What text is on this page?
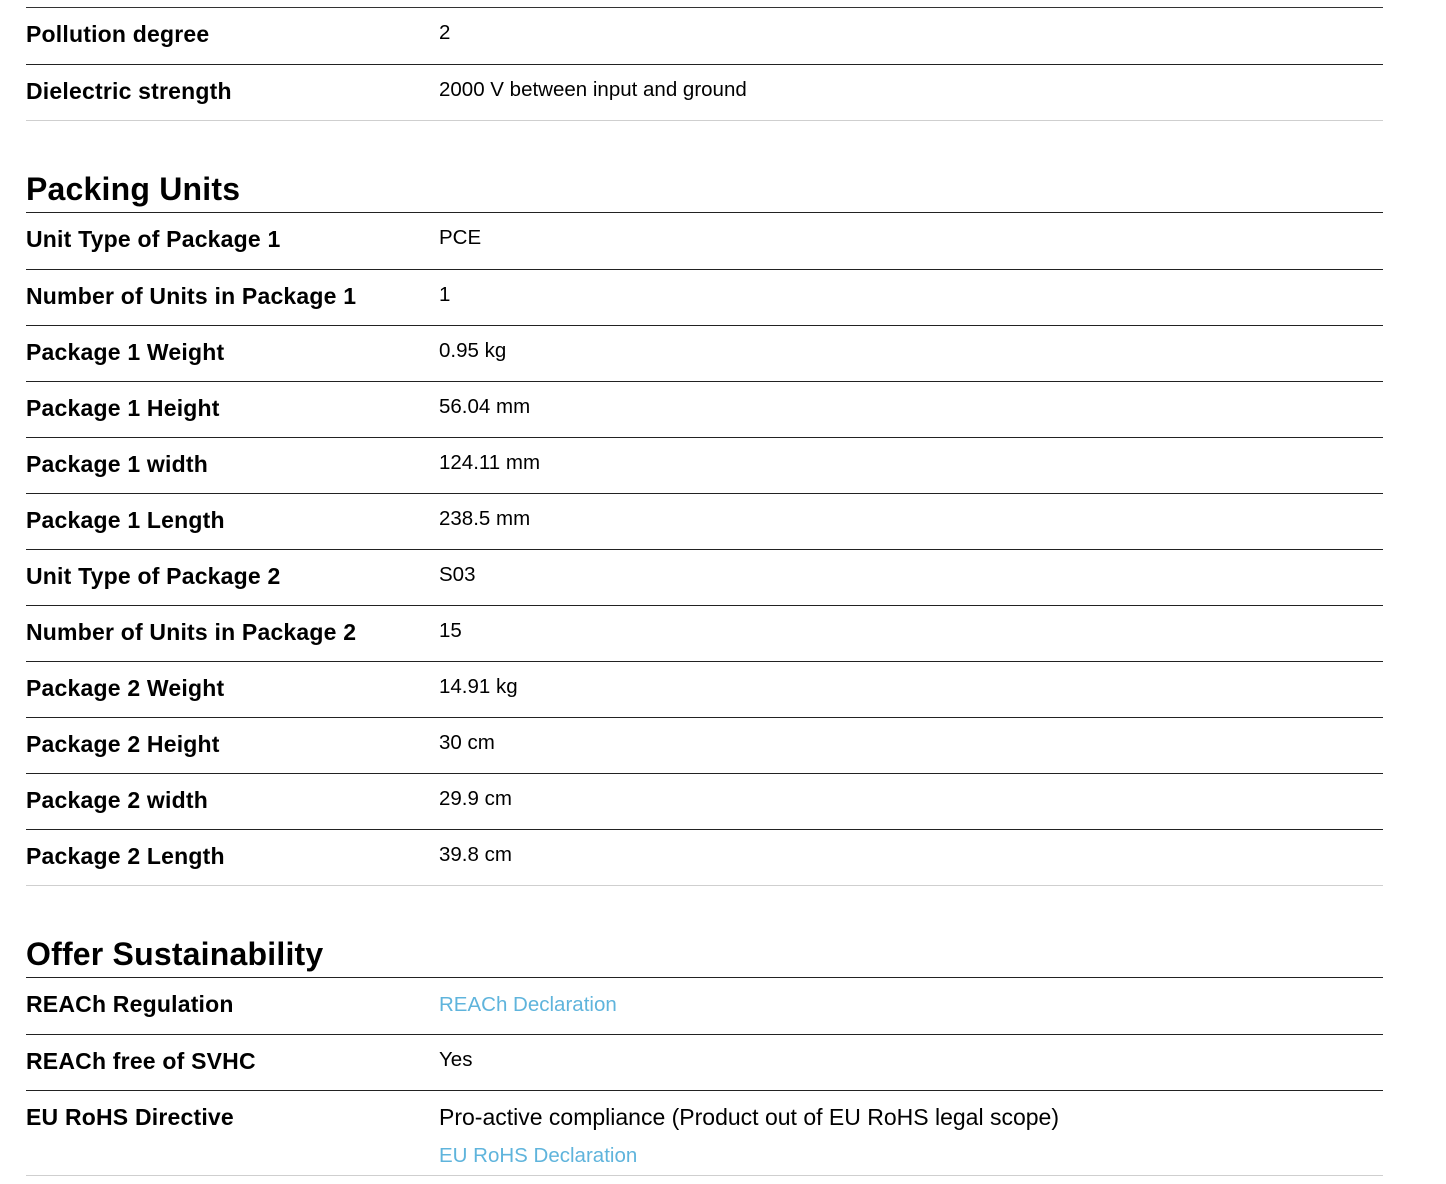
Pollution degree	2

Dielectric strength	2000 V between input and ground
Packing Units
Unit Type of Package 1	PCE

Number of Units in Package 1	1

Package 1 Weight	0.95 kg

Package 1 Height	56.04 mm

Package 1 width	124.11 mm

Package 1 Length	238.5 mm

Unit Type of Package 2	S03

Number of Units in Package 2	15

Package 2 Weight	14.91 kg

Package 2 Height	30 cm

Package 2 width	29.9 cm

Package 2 Length	39.8 cm
Offer Sustainability
REACh Regulation	REACh Declaration

REACh free of SVHC	Yes

EU RoHS Directive	Pro-active compliance (Product out of EU RoHS legal scope)
EU RoHS Declaration
